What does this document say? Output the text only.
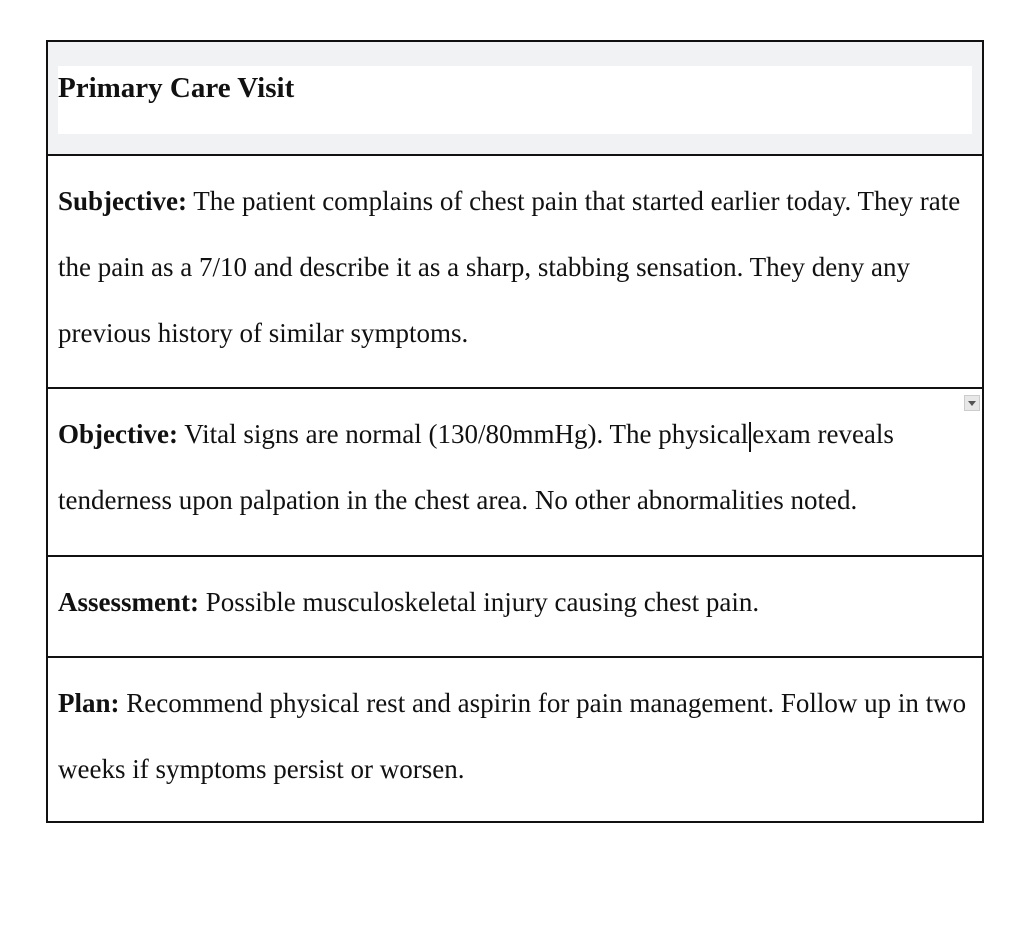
Primary Care Visit
Subjective: The patient complains of chest pain that started earlier today. They rate the pain as a 7/10 and describe it as a sharp, stabbing sensation. They deny any previous history of similar symptoms.
Objective: Vital signs are normal (130/80mmHg). The physical exam reveals tenderness upon palpation in the chest area. No other abnormalities noted.
Assessment: Possible musculoskeletal injury causing chest pain.
Plan: Recommend physical rest and aspirin for pain management. Follow up in two weeks if symptoms persist or worsen.
